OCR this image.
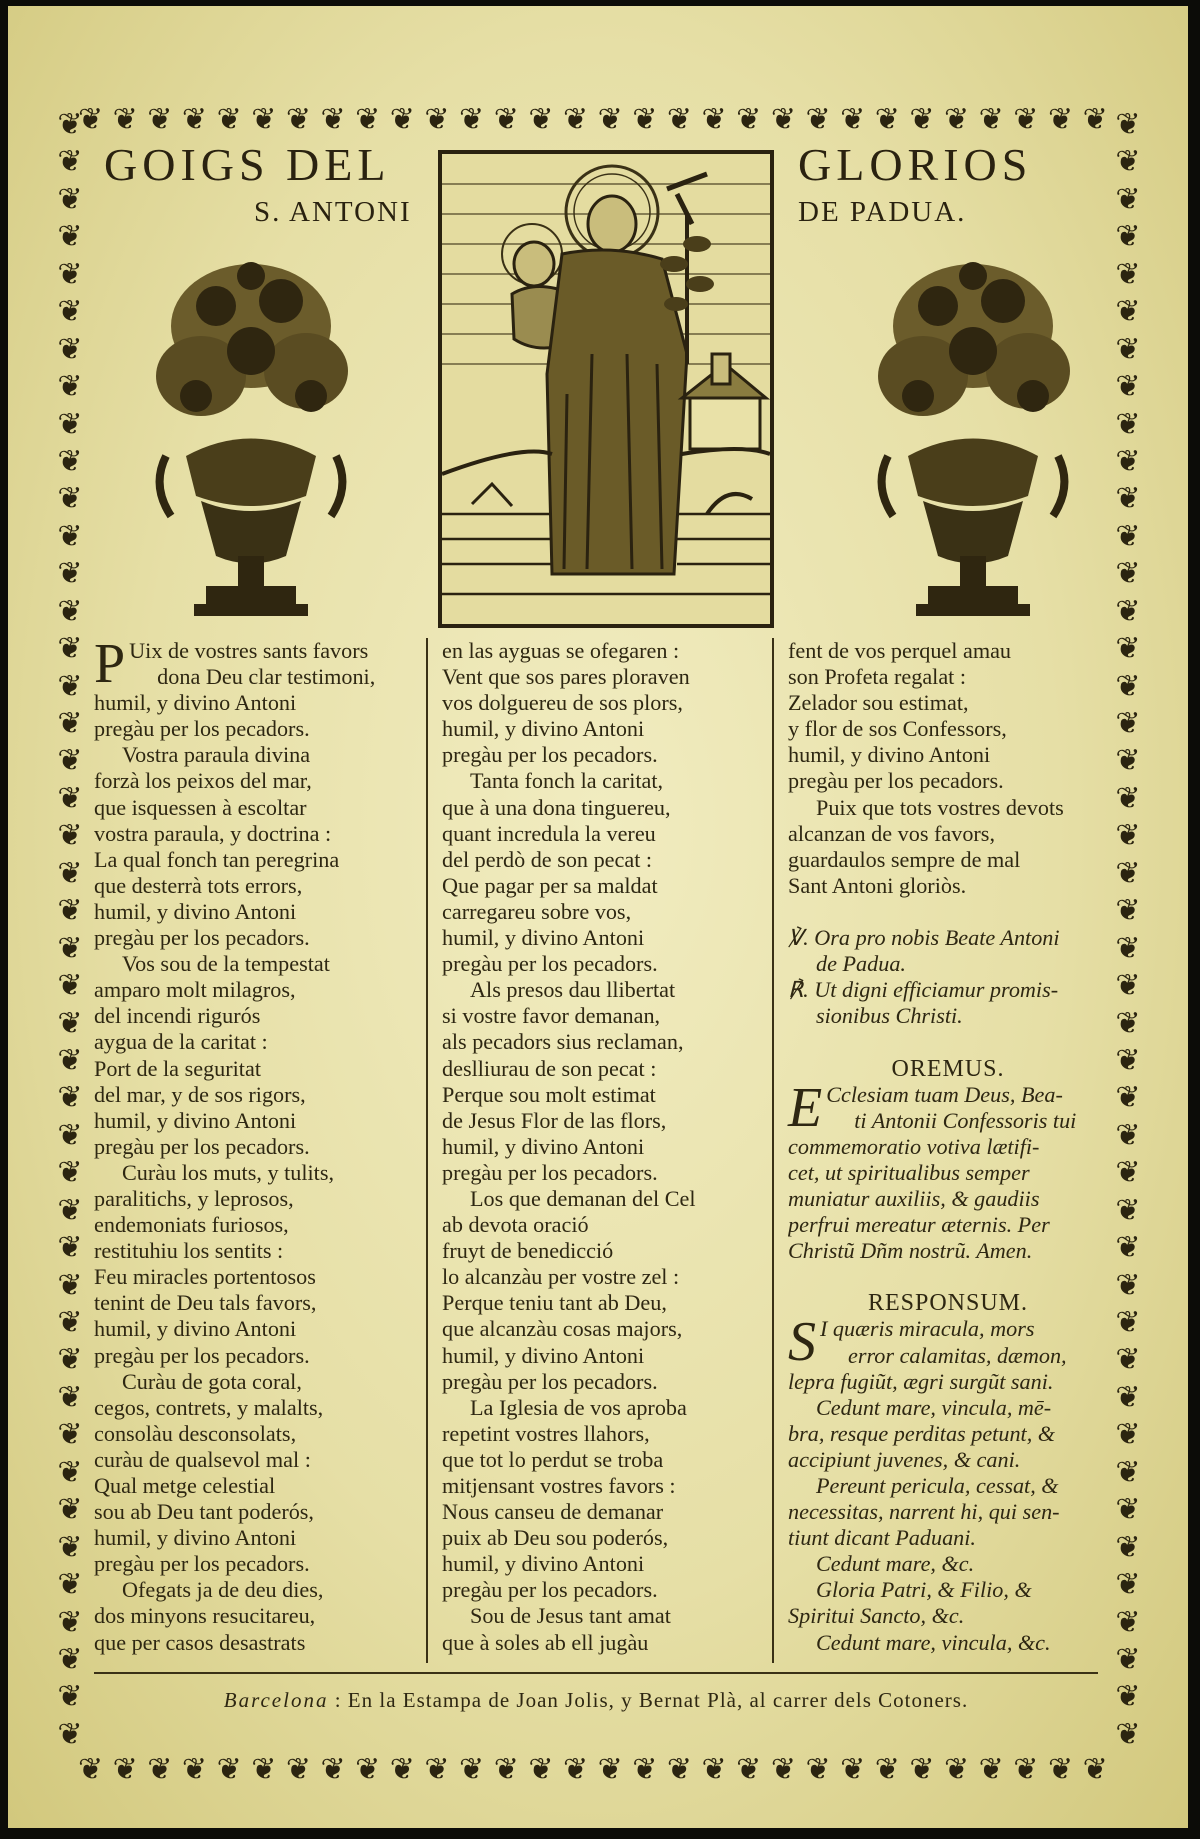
❦ ❦ ❦ ❦ ❦ ❦ ❦ ❦ ❦ ❦ ❦ ❦ ❦ ❦ ❦ ❦ ❦ ❦ ❦ ❦ ❦ ❦ ❦ ❦ ❦ ❦ ❦ ❦ ❦ ❦
❦ ❦ ❦ ❦ ❦ ❦ ❦ ❦ ❦ ❦ ❦ ❦ ❦ ❦ ❦ ❦ ❦ ❦ ❦ ❦ ❦ ❦ ❦ ❦ ❦ ❦ ❦ ❦ ❦ ❦
❦
❦
❦
❦
❦
❦
❦
❦
❦
❦
❦
❦
❦
❦
❦
❦
❦
❦
❦
❦
❦
❦
❦
❦
❦
❦
❦
❦
❦
❦
❦
❦
❦
❦
❦
❦
❦
❦
❦
❦
❦
❦
❦
❦
❦
❦
❦
❦
❦
❦
❦
❦
❦
❦
❦
❦
❦
❦
❦
❦
❦
❦
❦
❦
❦
❦
❦
❦
❦
❦
❦
❦
❦
❦
❦
❦
❦
❦
❦
❦
❦
❦
❦
❦
❦
❦
❦
❦
GOIGS DEL	GLORIOS
S. ANTONI	DE PADUA.
P Uix de vostres sants favors
dona Deu clar testimoni,
humil, y divino Antoni
pregàu per los pecadors.
Vostra paraula divina
forzà los peixos del mar,
que isquessen à escoltar
vostra paraula, y doctrina :
La qual fonch tan peregrina
que desterrà tots errors,
humil, y divino Antoni
pregàu per los pecadors.
Vos sou de la tempestat
amparo molt milagros,
del incendi rigurós
aygua de la caritat :
Port de la seguritat
del mar, y de sos rigors,
humil, y divino Antoni
pregàu per los pecadors.
Curàu los muts, y tulits,
paralitichs, y leprosos,
endemoniats furiosos,
restituhiu los sentits :
Feu miracles portentosos
tenint de Deu tals favors,
humil, y divino Antoni
pregàu per los pecadors.
Curàu de gota coral,
cegos, contrets, y malalts,
consolàu desconsolats,
curàu de qualsevol mal :
Qual metge celestial
sou ab Deu tant poderós,
humil, y divino Antoni
pregàu per los pecadors.
Ofegats ja de deu dies,
dos minyons resucitareu,
que per casos desastrats
en las ayguas se ofegaren :
Vent que sos pares ploraven
vos dolguereu de sos plors,
humil, y divino Antoni
pregàu per los pecadors.
Tanta fonch la caritat,
que à una dona tinguereu,
quant incredula la vereu
del perdò de son pecat :
Que pagar per sa maldat
carregareu sobre vos,
humil, y divino Antoni
pregàu per los pecadors.
Als presos dau llibertat
si vostre favor demanan,
als pecadors sius reclaman,
deslliurau de son pecat :
Perque sou molt estimat
de Jesus Flor de las flors,
humil, y divino Antoni
pregàu per los pecadors.
Los que demanan del Cel
ab devota oració
fruyt de benedicció
lo alcanzàu per vostre zel :
Perque teniu tant ab Deu,
que alcanzàu cosas majors,
humil, y divino Antoni
pregàu per los pecadors.
La Iglesia de vos aproba
repetint vostres llahors,
que tot lo perdut se troba
mitjensant vostres favors :
Nous canseu de demanar
puix ab Deu sou poderós,
humil, y divino Antoni
pregàu per los pecadors.
Sou de Jesus tant amat
que à soles ab ell jugàu
fent de vos perquel amau
son Profeta regalat :
Zelador sou estimat,
y flor de sos Confessors,
humil, y divino Antoni
pregàu per los pecadors.
Puix que tots vostres devots
alcanzan de vos favors,
guardaulos sempre de mal
Sant Antoni gloriòs.
℣. Ora pro nobis Beate Antoni
de Padua.
℟. Ut digni efficiamur promis-
sionibus Christi.
OREMUS.
E Cclesiam tuam Deus, Bea-
ti Antonii Confessoris tui
commemoratio votiva lætifi-
cet, ut spiritualibus semper
muniatur auxiliis, & gaudiis
perfrui mereatur æternis. Per
Christũ Dñm nostrũ. Amen.
RESPONSUM.
S I quæris miracula, mors
error calamitas, dæmon,
lepra fugiũt, ægri surgũt sani.
Cedunt mare, vincula, mē-
bra, resque perditas petunt, &
accipiunt juvenes, & cani.
Pereunt pericula, cessat, &
necessitas, narrent hi, qui sen-
tiunt dicant Paduani.
Cedunt mare, &c.
Gloria Patri, & Filio, &
Spiritui Sancto, &c.
Cedunt mare, vincula, &c.
Barcelona : En la Estampa de Joan Jolis, y Bernat Plà, al carrer dels Cotoners.
